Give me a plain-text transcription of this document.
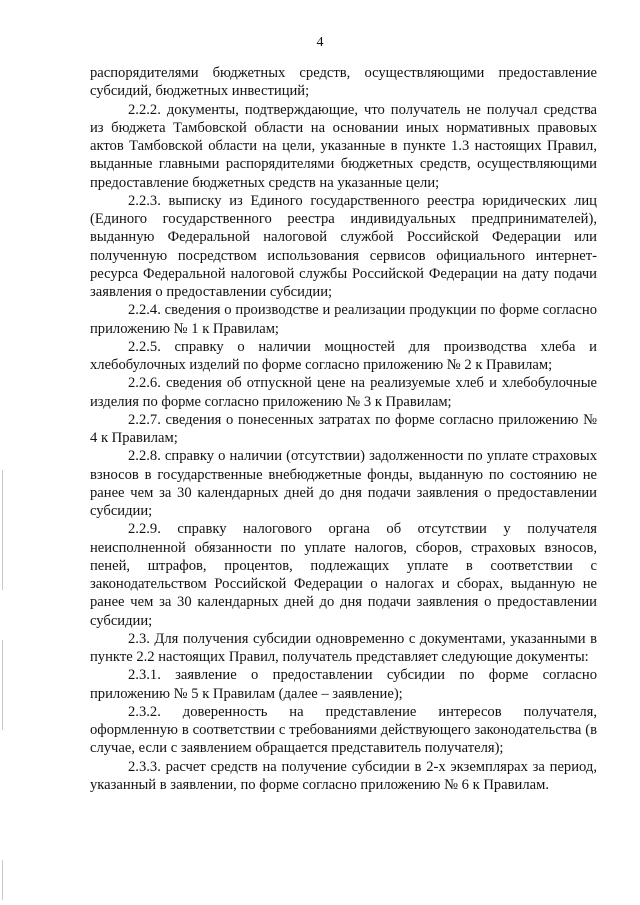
4

распорядителями бюджетных средств, осуществляющими предоставление субсидий, бюджетных инвестиций;

2.2.2. документы, подтверждающие, что получатель не получал средства из бюджета Тамбовской области на основании иных нормативных правовых актов Тамбовской области на цели, указанные в пункте 1.3 настоящих Правил, выданные главными распорядителями бюджетных средств, осуществляющими предоставление бюджетных средств на указанные цели;

2.2.3. выписку из Единого государственного реестра юридических лиц (Единого государственного реестра индивидуальных предпринимателей), выданную Федеральной налоговой службой Российской Федерации или полученную посредством использования сервисов официального интернет-ресурса Федеральной налоговой службы Российской Федерации на дату подачи заявления о предоставлении субсидии;

2.2.4. сведения о производстве и реализации продукции по форме согласно приложению № 1 к Правилам;

2.2.5. справку о наличии мощностей для производства хлеба и хлебобулочных изделий по форме согласно приложению № 2 к Правилам;

2.2.6. сведения об отпускной цене на реализуемые хлеб и хлебобулочные изделия по форме согласно приложению № 3 к Правилам;

2.2.7. сведения о понесенных затратах по форме согласно приложению № 4 к Правилам;

2.2.8. справку о наличии (отсутствии) задолженности по уплате страховых взносов в государственные внебюджетные фонды, выданную по состоянию не ранее чем за 30 календарных дней до дня подачи заявления о предоставлении субсидии;

2.2.9. справку налогового органа об отсутствии у получателя неисполненной обязанности по уплате налогов, сборов, страховых взносов, пеней, штрафов, процентов, подлежащих уплате в соответствии с законодательством Российской Федерации о налогах и сборах, выданную не ранее чем за 30 календарных дней до дня подачи заявления о предоставлении субсидии;

2.3. Для получения субсидии одновременно с документами, указанными в пункте 2.2 настоящих Правил, получатель представляет следующие документы:

2.3.1. заявление о предоставлении субсидии по форме согласно приложению № 5 к Правилам (далее – заявление);

2.3.2. доверенность на представление интересов получателя, оформленную в соответствии с требованиями действующего законодательства (в случае, если с заявлением обращается представитель получателя);

2.3.3. расчет средств на получение субсидии в 2-х экземплярах за период, указанный в заявлении, по форме согласно приложению № 6 к Правилам.
